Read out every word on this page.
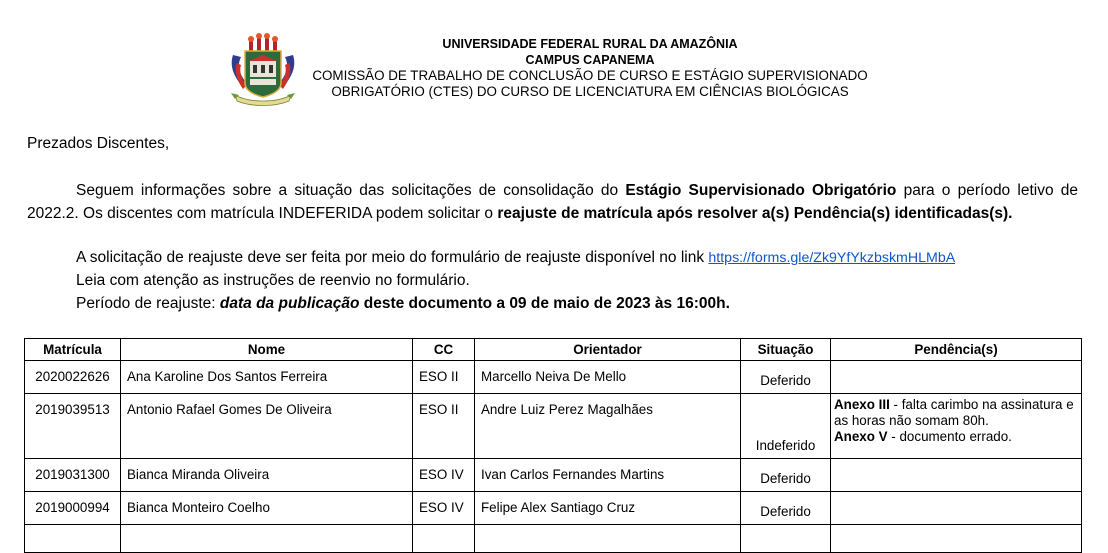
UNIVERSIDADE FEDERAL RURAL DA AMAZÔNIA
CAMPUS CAPANEMA
COMISSÃO DE TRABALHO DE CONCLUSÃO DE CURSO E ESTÁGIO SUPERVISIONADO
OBRIGATÓRIO (CTES) DO CURSO DE LICENCIATURA EM CIÊNCIAS BIOLÓGICAS
Prezados Discentes,
Seguem informações sobre a situação das solicitações de consolidação do Estágio Supervisionado Obrigatório para o período letivo de 2022.2. Os discentes com matrícula INDEFERIDA podem solicitar o reajuste de matrícula após resolver a(s) Pendência(s) identificadas(s).
A solicitação de reajuste deve ser feita por meio do formulário de reajuste disponível no link https://forms.gle/Zk9YfYkzbskmHLMbA
Leia com atenção as instruções de reenvio no formulário.
Período de reajuste: data da publicação deste documento a 09 de maio de 2023 às 16:00h.
Matrícula	Nome	CC	Orientador	Situação	Pendência(s)
2020022626	Ana Karoline Dos Santos Ferreira	ESO II	Marcello Neiva De Mello	Deferido	
2019039513	Antonio Rafael Gomes De Oliveira	ESO II	Andre Luiz Perez Magalhães	Indeferido	Anexo III - falta carimbo na assinatura e as horas não somam 80h.
Anexo V - documento errado.

2019031300	Bianca Miranda Oliveira	ESO IV	Ivan Carlos Fernandes Martins	Deferido	
2019000994	Bianca Monteiro Coelho	ESO IV	Felipe Alex Santiago Cruz	Deferido	
